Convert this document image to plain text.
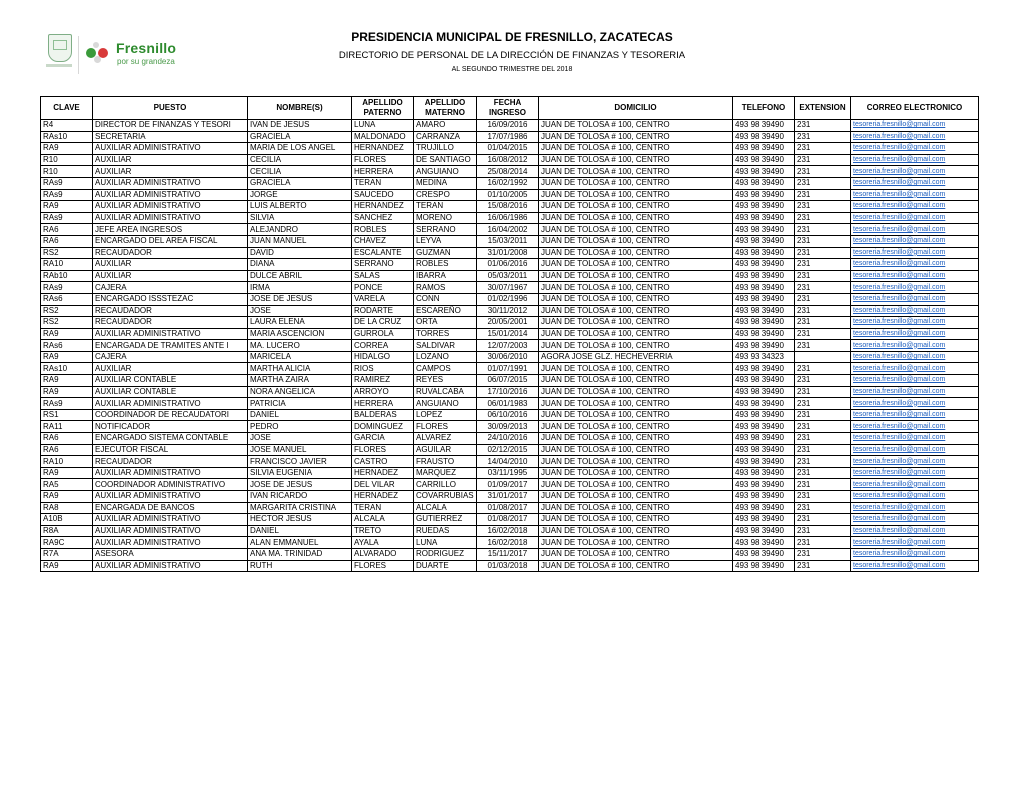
Fresnillo
por su grandeza
PRESIDENCIA MUNICIPAL DE FRESNILLO, ZACATECAS
DIRECTORIO DE PERSONAL DE LA DIRECCIÓN DE FINANZAS Y TESORERIA
AL SEGUNDO TRIMESTRE DEL 2018
CLAVE	PUESTO	NOMBRE(S)	APELLIDO PATERNO	APELLIDO MATERNO	FECHA INGRESO	DOMICILIO	TELEFONO	EXTENSION	CORREO ELECTRONICO
R4	DIRECTOR DE FINANZAS Y TESORI	IVAN DE JESUS	LUNA	AMARO	16/09/2016	JUAN DE TOLOSA # 100, CENTRO	493 98 39490	231	tesoreria.fresnillo@gmail.com
RAs10	SECRETARIA	GRACIELA	MALDONADO	CARRANZA	17/07/1986	JUAN DE TOLOSA # 100, CENTRO	493 98 39490	231	tesoreria.fresnillo@gmail.com
RA9	AUXILIAR ADMINISTRATIVO	MARIA DE LOS ANGEL	HERNANDEZ	TRUJILLO	01/04/2015	JUAN DE TOLOSA # 100, CENTRO	493 98 39490	231	tesoreria.fresnillo@gmail.com
R10	AUXILIAR	CECILIA	FLORES	DE SANTIAGO	16/08/2012	JUAN DE TOLOSA # 100, CENTRO	493 98 39490	231	tesoreria.fresnillo@gmail.com
R10	AUXILIAR	CECILIA	HERRERA	ANGUIANO	25/08/2014	JUAN DE TOLOSA # 100, CENTRO	493 98 39490	231	tesoreria.fresnillo@gmail.com
RAs9	AUXILIAR ADMINISTRATIVO	GRACIELA	TERAN	MEDINA	16/02/1992	JUAN DE TOLOSA # 100, CENTRO	493 98 39490	231	tesoreria.fresnillo@gmail.com
RAs9	AUXILIAR ADMINISTRATIVO	JORGE	SAUCEDO	CRESPO	01/10/2005	JUAN DE TOLOSA # 100, CENTRO	493 98 39490	231	tesoreria.fresnillo@gmail.com
RA9	AUXILIAR ADMINISTRATIVO	LUIS ALBERTO	HERNANDEZ	TERAN	15/08/2016	JUAN DE TOLOSA # 100, CENTRO	493 98 39490	231	tesoreria.fresnillo@gmail.com
RAs9	AUXILIAR ADMINISTRATIVO	SILVIA	SANCHEZ	MORENO	16/06/1986	JUAN DE TOLOSA # 100, CENTRO	493 98 39490	231	tesoreria.fresnillo@gmail.com
RA6	JEFE AREA INGRESOS	ALEJANDRO	ROBLES	SERRANO	16/04/2002	JUAN DE TOLOSA # 100, CENTRO	493 98 39490	231	tesoreria.fresnillo@gmail.com
RA6	ENCARGADO DEL AREA FISCAL	JUAN MANUEL	CHAVEZ	LEYVA	15/03/2011	JUAN DE TOLOSA # 100, CENTRO	493 98 39490	231	tesoreria.fresnillo@gmail.com
RS2	RECAUDADOR	DAVID	ESCALANTE	GUZMAN	31/01/2008	JUAN DE TOLOSA # 100, CENTRO	493 98 39490	231	tesoreria.fresnillo@gmail.com
RA10	AUXILIAR	DIANA	SERRANO	ROBLES	01/06/2016	JUAN DE TOLOSA # 100, CENTRO	493 98 39490	231	tesoreria.fresnillo@gmail.com
RAb10	AUXILIAR	DULCE ABRIL	SALAS	IBARRA	05/03/2011	JUAN DE TOLOSA # 100, CENTRO	493 98 39490	231	tesoreria.fresnillo@gmail.com
RAs9	CAJERA	IRMA	PONCE	RAMOS	30/07/1967	JUAN DE TOLOSA # 100, CENTRO	493 98 39490	231	tesoreria.fresnillo@gmail.com
RAs6	ENCARGADO ISSSTEZAC	JOSE DE JESUS	VARELA	CONN	01/02/1996	JUAN DE TOLOSA # 100, CENTRO	493 98 39490	231	tesoreria.fresnillo@gmail.com
RS2	RECAUDADOR	JOSE	RODARTE	ESCAREÑO	30/11/2012	JUAN DE TOLOSA # 100, CENTRO	493 98 39490	231	tesoreria.fresnillo@gmail.com
RS2	RECAUDADOR	LAURA ELENA	DE LA CRUZ	ORTA	20/05/2001	JUAN DE TOLOSA # 100, CENTRO	493 98 39490	231	tesoreria.fresnillo@gmail.com
RA9	AUXILIAR ADMINISTRATIVO	MARIA ASCENCION	GURROLA	TORRES	15/01/2014	JUAN DE TOLOSA # 100, CENTRO	493 98 39490	231	tesoreria.fresnillo@gmail.com
RAs6	ENCARGADA DE TRAMITES ANTE I	MA. LUCERO	CORREA	SALDIVAR	12/07/2003	JUAN DE TOLOSA # 100, CENTRO	493 98 39490	231	tesoreria.fresnillo@gmail.com
RA9	CAJERA	MARICELA	HIDALGO	LOZANO	30/06/2010	AGORA JOSE GLZ. HECHEVERRIA	493 93 34323		tesoreria.fresnillo@gmail.com
RAs10	AUXILIAR	MARTHA ALICIA	RIOS	CAMPOS	01/07/1991	JUAN DE TOLOSA # 100, CENTRO	493 98 39490	231	tesoreria.fresnillo@gmail.com
RA9	AUXILIAR CONTABLE	MARTHA ZAIRA	RAMIREZ	REYES	06/07/2015	JUAN DE TOLOSA # 100, CENTRO	493 98 39490	231	tesoreria.fresnillo@gmail.com
RA9	AUXILIAR CONTABLE	NORA ANGELICA	ARROYO	RUVALCABA	17/10/2016	JUAN DE TOLOSA # 100, CENTRO	493 98 39490	231	tesoreria.fresnillo@gmail.com
RAs9	AUXILIAR ADMINISTRATIVO	PATRICIA	HERRERA	ANGUIANO	06/01/1983	JUAN DE TOLOSA # 100, CENTRO	493 98 39490	231	tesoreria.fresnillo@gmail.com
RS1	COORDINADOR DE RECAUDATORI	DANIEL	BALDERAS	LOPEZ	06/10/2016	JUAN DE TOLOSA # 100, CENTRO	493 98 39490	231	tesoreria.fresnillo@gmail.com
RA11	NOTIFICADOR	PEDRO	DOMINGUEZ	FLORES	30/09/2013	JUAN DE TOLOSA # 100, CENTRO	493 98 39490	231	tesoreria.fresnillo@gmail.com
RA6	ENCARGADO SISTEMA CONTABLE	JOSE	GARCIA	ALVAREZ	24/10/2016	JUAN DE TOLOSA # 100, CENTRO	493 98 39490	231	tesoreria.fresnillo@gmail.com
RA6	EJECUTOR FISCAL	JOSE MANUEL	FLORES	AGUILAR	02/12/2015	JUAN DE TOLOSA # 100, CENTRO	493 98 39490	231	tesoreria.fresnillo@gmail.com
RA10	RECAUDADOR	FRANCISCO JAVIER	CASTRO	FRAUSTO	14/04/2010	JUAN DE TOLOSA # 100, CENTRO	493 98 39490	231	tesoreria.fresnillo@gmail.com
RA9	AUXILIAR ADMINISTRATIVO	SILVIA EUGENIA	HERNADEZ	MARQUEZ	03/11/1995	JUAN DE TOLOSA # 100, CENTRO	493 98 39490	231	tesoreria.fresnillo@gmail.com
RA5	COORDINADOR ADMINISTRATIVO	JOSE DE JESUS	DEL VILAR	CARRILLO	01/09/2017	JUAN DE TOLOSA # 100, CENTRO	493 98 39490	231	tesoreria.fresnillo@gmail.com
RA9	AUXILIAR ADMINISTRATIVO	IVAN RICARDO	HERNADEZ	COVARRUBIAS	31/01/2017	JUAN DE TOLOSA # 100, CENTRO	493 98 39490	231	tesoreria.fresnillo@gmail.com
RA8	ENCARGADA DE BANCOS	MARGARITA CRISTINA	TERAN	ALCALA	01/08/2017	JUAN DE TOLOSA # 100, CENTRO	493 98 39490	231	tesoreria.fresnillo@gmail.com
A10B	AUXILIAR ADMINISTRATIVO	HECTOR JESUS	ALCALA	GUTIERREZ	01/08/2017	JUAN DE TOLOSA # 100, CENTRO	493 98 39490	231	tesoreria.fresnillo@gmail.com
R8A	AUXILIAR ADMINISTRATIVO	DANIEL	TRETO	RUEDAS	16/02/2018	JUAN DE TOLOSA # 100, CENTRO	493 98 39490	231	tesoreria.fresnillo@gmail.com
RA9C	AUXILIAR ADMINISTRATIVO	ALAN EMMANUEL	AYALA	LUNA	16/02/2018	JUAN DE TOLOSA # 100, CENTRO	493 98 39490	231	tesoreria.fresnillo@gmail.com
R7A	ASESORA	ANA MA. TRINIDAD	ALVARADO	RODRIGUEZ	15/11/2017	JUAN DE TOLOSA # 100, CENTRO	493 98 39490	231	tesoreria.fresnillo@gmail.com
RA9	AUXILIAR ADMINISTRATIVO	RUTH	FLORES	DUARTE	01/03/2018	JUAN DE TOLOSA # 100, CENTRO	493 98 39490	231	tesoreria.fresnillo@gmail.com
